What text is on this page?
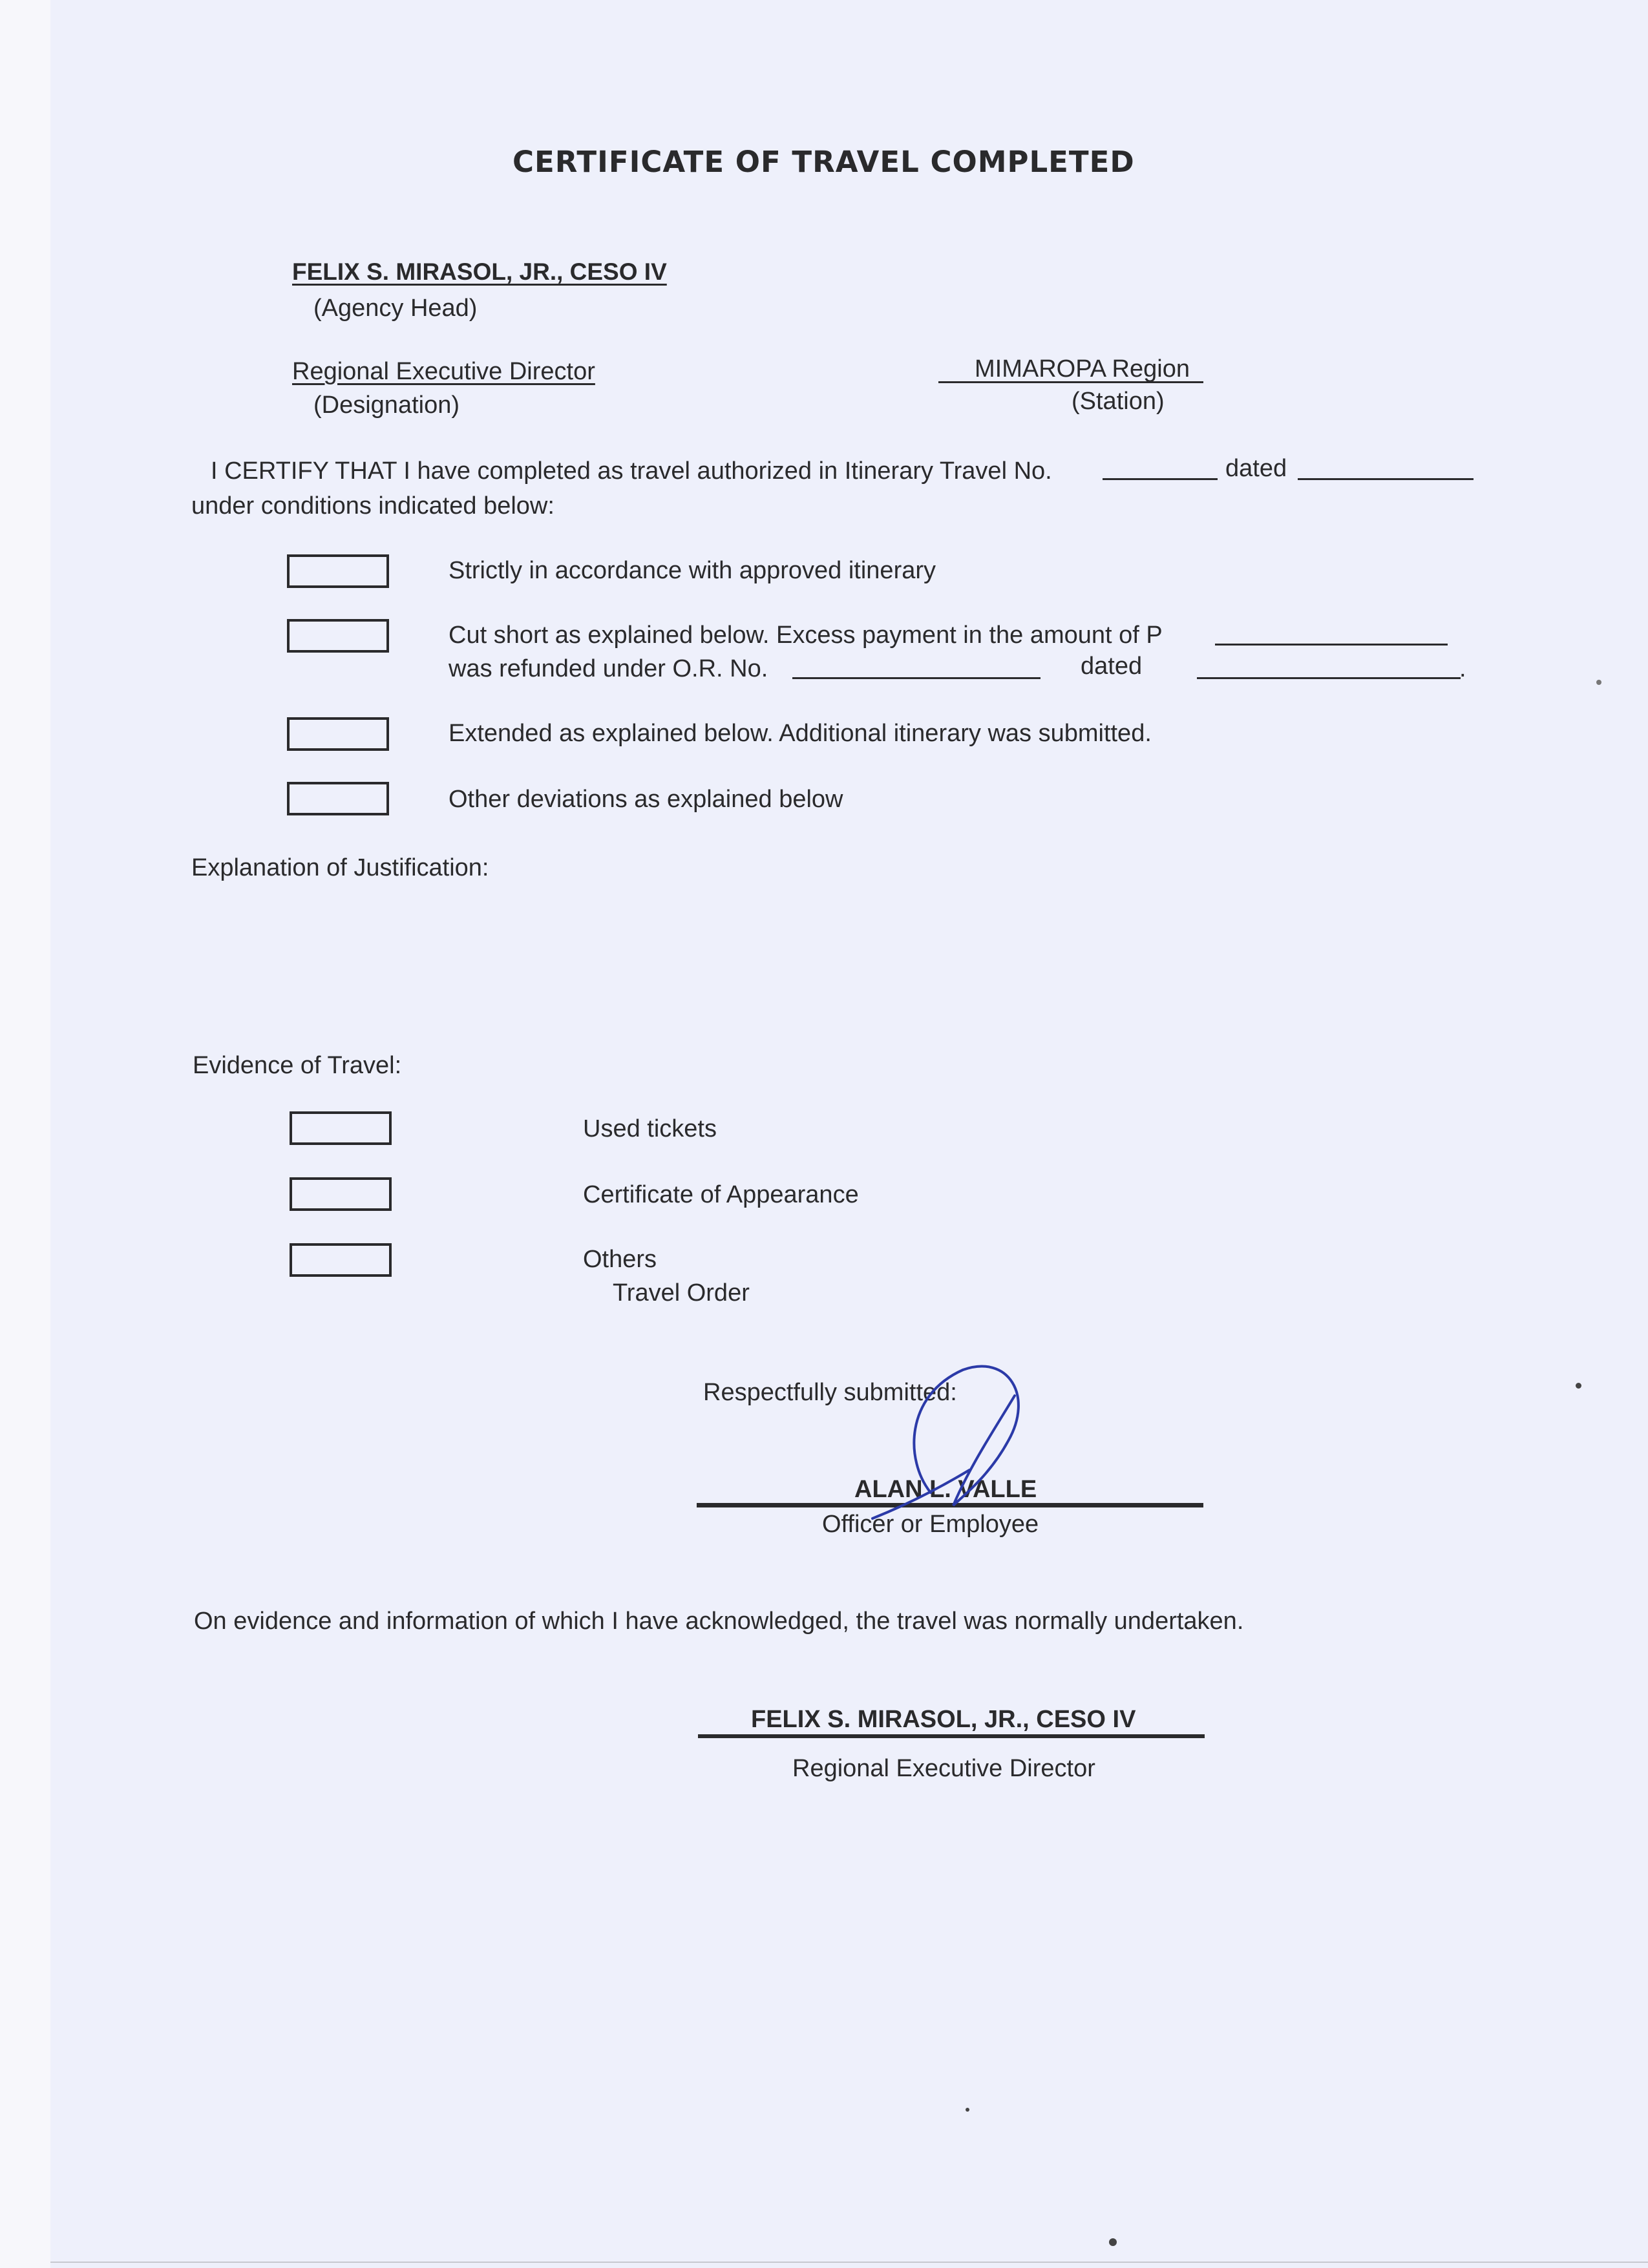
CERTIFICATE OF TRAVEL COMPLETED
FELIX S. MIRASOL, JR., CESO IV
(Agency Head)
Regional Executive Director
(Designation)
MIMAROPA Region
(Station)
I CERTIFY THAT I have completed as travel authorized in Itinerary Travel No.	dated
under conditions indicated below:
Strictly in accordance with approved itinerary
Cut short as explained below. Excess payment in the amount of P
was refunded under O.R. No.	dated	.
Extended as explained below. Additional itinerary was submitted.
Other deviations as explained below
Explanation of Justification:
Evidence of Travel:
Used tickets
Certificate of Appearance
Others
Travel Order
Respectfully submitted:
ALAN L. VALLE
Officer or Employee
On evidence and information of which I have acknowledged, the travel was normally undertaken.
FELIX S. MIRASOL, JR., CESO IV
Regional Executive Director
